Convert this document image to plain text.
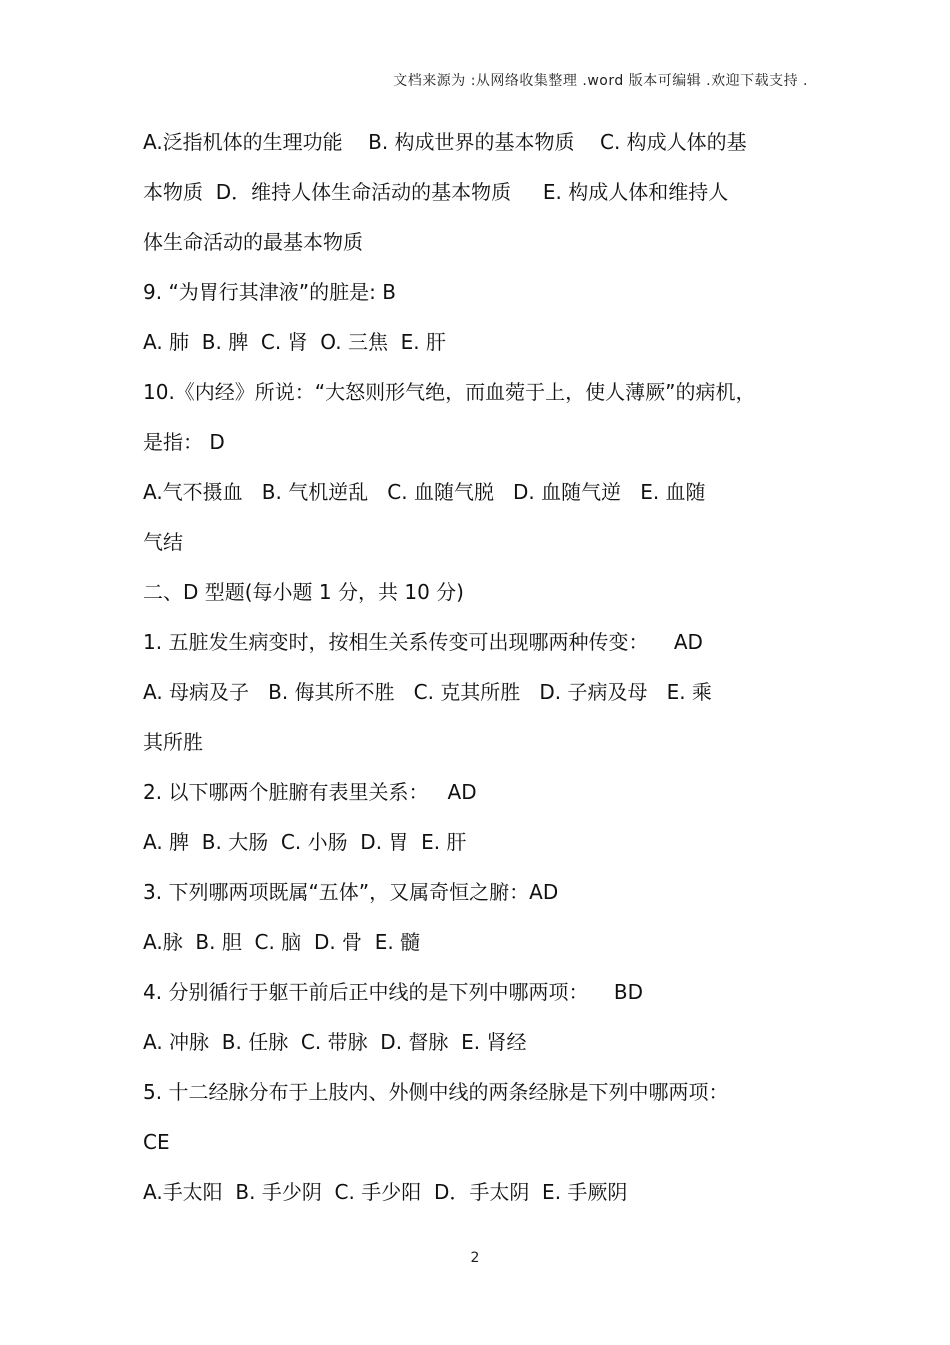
文档来源为 :从网络收集整理 .word 版本可编辑 .欢迎下载支持 .
A.泛指机体的生理功能    B. 构成世界的基本物质    C. 构成人体的基
本物质  D．维持人体生命活动的基本物质     E. 构成人体和维持人
体生命活动的最基本物质
9. “为胃行其津液”的脏是: B
A. 肺  B. 脾  C. 肾  O. 三焦  E. 肝
10.《内经》所说：“大怒则形气绝，而血菀于上，使人薄厥”的病机，
是指： D
A.气不摄血   B. 气机逆乱   C. 血随气脱   D. 血随气逆   E. 血随
气结
二、D 型题(每小题 1 分，共 10 分)
1. 五脏发生病变时，按相生关系传变可出现哪两种传变：    AD
A. 母病及子   B. 侮其所不胜   C. 克其所胜   D. 子病及母   E. 乘
其所胜
2. 以下哪两个脏腑有表里关系：   AD
A. 脾  B. 大肠  C. 小肠  D. 胃  E. 肝
3. 下列哪两项既属“五体”，又属奇恒之腑：AD
A.脉  B. 胆  C. 脑  D. 骨  E. 髓
4. 分别循行于躯干前后正中线的是下列中哪两项：    BD
A. 冲脉  B. 任脉  C. 带脉  D. 督脉  E. 肾经
5. 十二经脉分布于上肢内、外侧中线的两条经脉是下列中哪两项：
CE
A.手太阳  B. 手少阴  C. 手少阳  D．手太阴  E. 手厥阴
2
